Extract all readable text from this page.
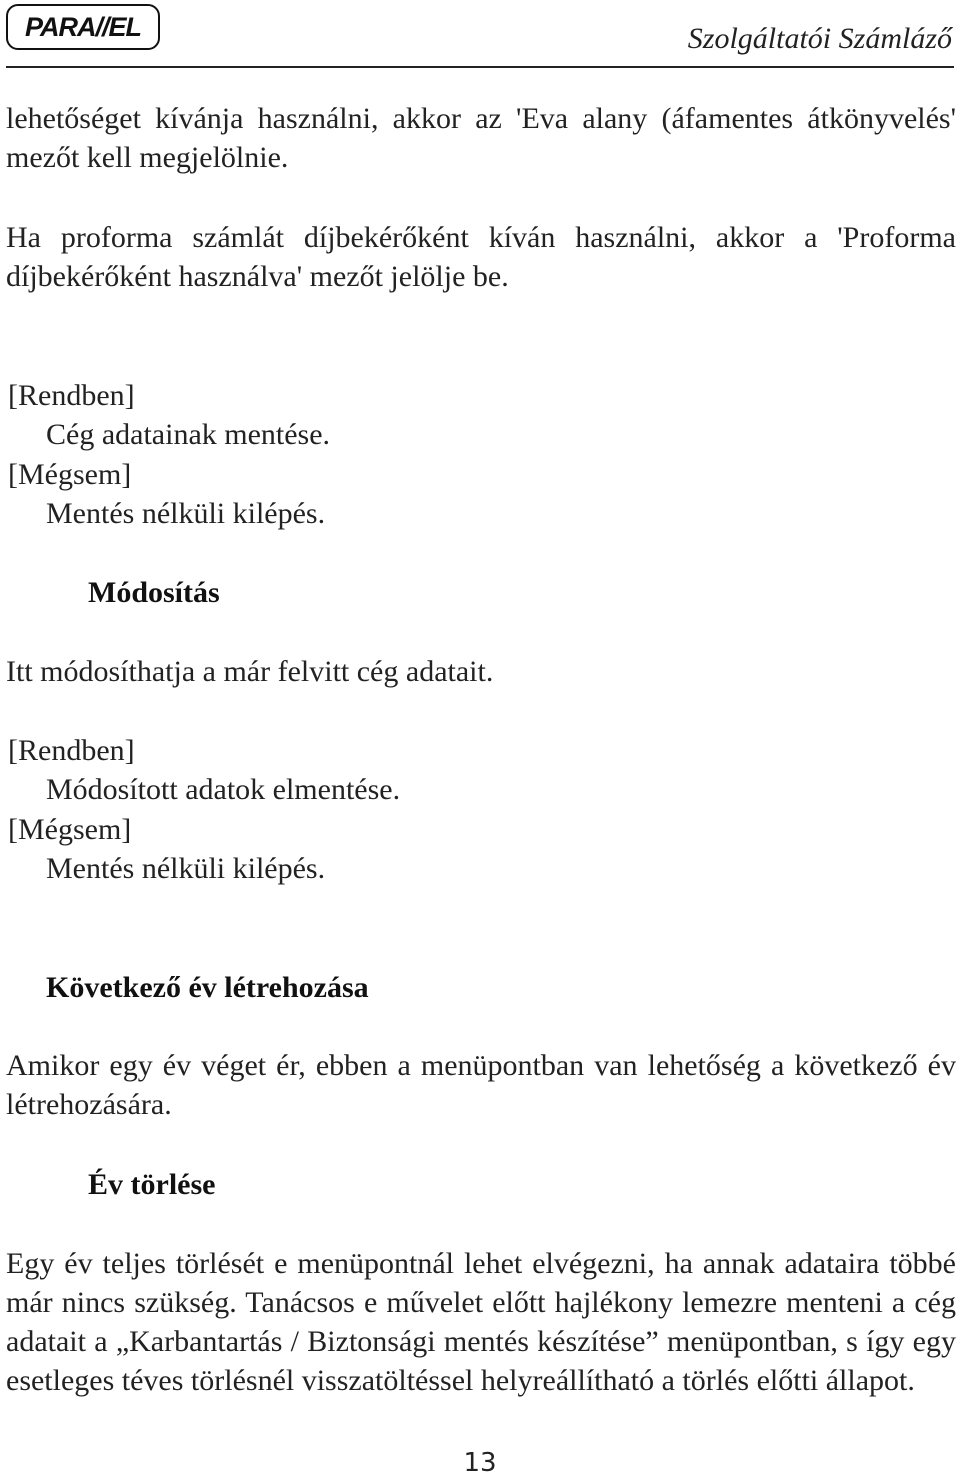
PARA//EL	Szolgáltatói Számláző

lehetőséget kívánja használni, akkor az 'Eva alany (áfamentes átkönyvelés' mezőt kell megjelölnie.

Ha proforma számlát díjbekérőként kíván használni, akkor a 'Proforma díjbekérőként használva' mezőt jelölje be.

[Rendben]
Cég adatainak mentése.
[Mégsem]
Mentés nélküli kilépés.
Módosítás

Itt módosíthatja a már felvitt cég adatait.

[Rendben]
Módosított adatok elmentése.
[Mégsem]
Mentés nélküli kilépés.
Következő év létrehozása

Amikor egy év véget ér, ebben a menüpontban van lehetőség a következő év létrehozására.

Év törlése

Egy év teljes törlését e menüpontnál lehet elvégezni, ha annak adataira többé már nincs szükség. Tanácsos e művelet előtt hajlékony lemezre menteni a cég adatait a „Karbantartás / Biztonsági mentés készítése” menüpontban, s így egy esetleges téves törlésnél visszatöltéssel helyreállítható a törlés előtti állapot.

13
